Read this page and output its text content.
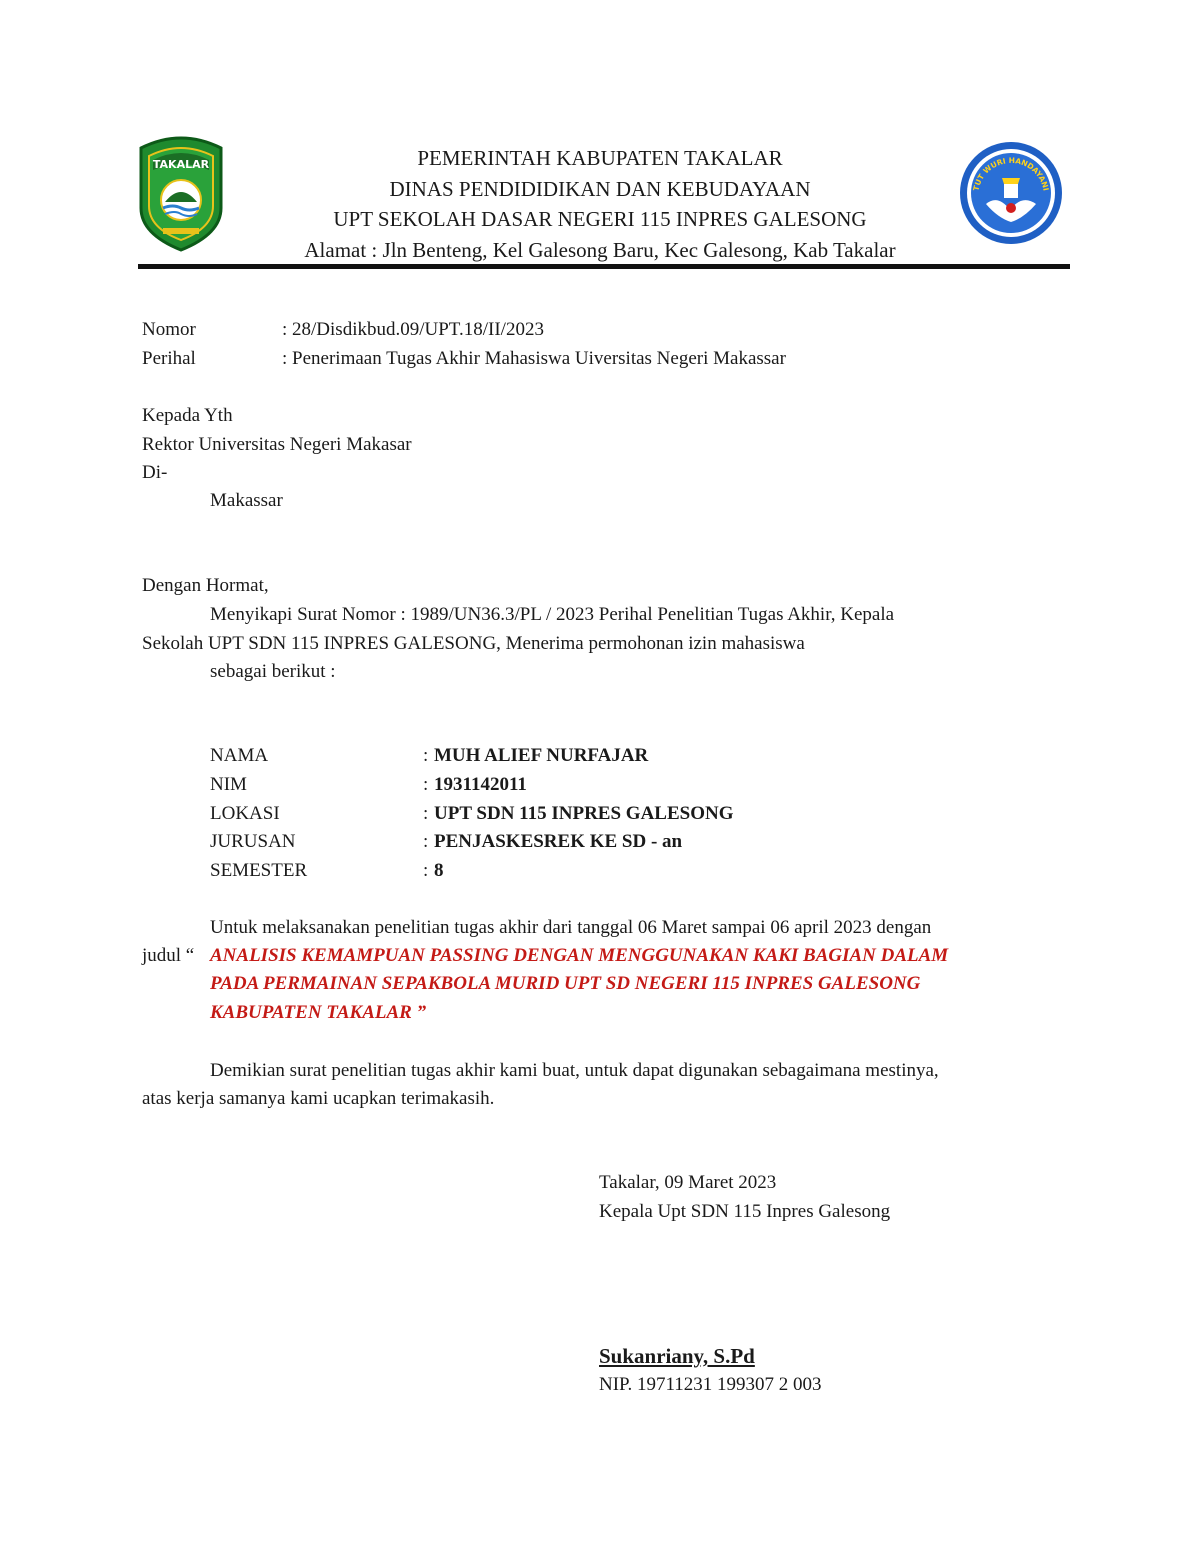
TAKALAR
TUT WURI HANDAYANI
PEMERINTAH KABUPATEN TAKALAR
DINAS PENDIDIDIKAN DAN KEBUDAYAAN
UPT SEKOLAH DASAR NEGERI 115 INPRES GALESONG
Alamat : Jln Benteng, Kel Galesong Baru, Kec Galesong, Kab Takalar
Nomor	: 28/Disdikbud.09/UPT.18/II/2023
Perihal	: Penerimaan Tugas Akhir Mahasiswa Uiversitas Negeri Makassar
Kepada Yth
Rektor Universitas Negeri Makasar
Di-
Makassar
Dengan Hormat,
Menyikapi Surat Nomor : 1989/UN36.3/PL / 2023 Perihal Penelitian Tugas Akhir, Kepala
Sekolah UPT SDN 115 INPRES GALESONG, Menerima permohonan izin mahasiswa
sebagai berikut :
NAMA	: MUH ALIEF NURFAJAR
NIM	: 1931142011
LOKASI	: UPT SDN 115 INPRES GALESONG
JURUSAN	: PENJASKESREK KE SD - an
SEMESTER	: 8
Untuk melaksanakan penelitian tugas akhir dari tanggal 06 Maret sampai 06 april 2023 dengan
judul “ ANALISIS KEMAMPUAN PASSING DENGAN MENGGUNAKAN KAKI BAGIAN DALAM
PADA PERMAINAN SEPAKBOLA MURID UPT SD NEGERI 115 INPRES GALESONG
KABUPATEN TAKALAR ”
Demikian surat penelitian tugas akhir kami buat, untuk dapat digunakan sebagaimana mestinya,
atas kerja samanya kami ucapkan terimakasih.
Takalar, 09 Maret 2023
Kepala Upt SDN 115 Inpres Galesong
Sukanriany, S.Pd
NIP. 19711231 199307 2 003
